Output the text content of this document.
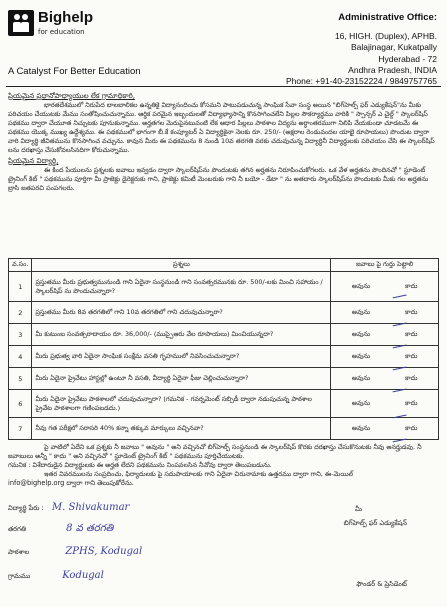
Bighelp
for education
A Catalyst For Better Education
Administrative Office:
16, HIGH. (Duplex), APHB.
Balajinagar, Kukatpally
Hyderabad - 72
Andhra Pradesh, INDIA
Phone: +91-40-23152224 / 9849757765

ప్రియమైన ప్రధానోపాధ్యాయుల లేక గ్రామాధికారి,

భారతదేశములో నిరుపేద బాలబాలికల ఉన్నతికై విద్యానందించు కోసమని పాటుపడుచున్న సాంఘిక సేవా సంస్థ అయిన "బిగ్‌హెల్ప్ ఫర్ ఎడ్యుకేషన్"ను మీకు పరిచయం చేయుటకు మేము సంతోషించుచున్నాము. ఆర్థిక పరమైన ఇబ్బందులతో విద్యాభ్యాసాన్ని కొనసాగించలేని పిల్లల సౌకర్యార్థము వారికి " స్పాన్సర్ ఎ చైల్డ్ " స్కాలర్‌షిప్ పథకము ద్వారా చేయూత నిచ్చుటకు పూనుకున్నాము. అర్హతగల మెరుపైనటువంటి లేక ఆధార పిల్లలు పాఠశాల విద్యను అర్ధాంతరముగా నిలిపి వేయకుండా చూడటమే ఈ పథకము యొక్క ముఖ్య ఉద్దేశ్యము. ఈ పథకములో భాగంగా బీ.కే కంప్యూటర్ ఏ విద్యార్ధికైనా నెలకు రూ. 250/- (అక్షరాల రెండువందల యాభై రూపాయలు) పొందుట ద్వారా వారి విద్యార్థి జీవితమును కొనసాగించ వచ్చును. కావున మీరు ఈ పథకమును 8 నుండి 10వ తరగతి వరకు చదువుచున్న విద్యార్ధినీ విద్యార్థులకు పరిచయం చేసి ఈ స్కాలర్‌షిప్ లను దరఖాస్తు చేసుకోవలసినదిగా కోరుచున్నాము.

ప్రియమైన విద్యార్థి,

ఈ కింద పేయులను ప్రశ్నలకు జవాబు ఇవ్వడం ద్వారా స్కాలర్‌షిప్‌ను పొందుటకు తగిన అర్హతను నిరూపించుకోగలరు. ఒక వేళ అర్హతను పొందినచో " స్టూడెంట్ ట్రైనింగ్ కిట్ " పథకమును పూర్తిగా మీ ప్రాజెక్టు డైరెక్టరుకు గాని, ప్రాజెక్టు కమిటీ మెంబరుకు గాని నీ బయో - డేటా " ను అతదారు స్కాలర్‌షిప్‌ను పొందుటకు మీకు గల అర్హతను బ్రాసి జతపరచి పంపగలరు.

వ.సం.	ప్రశ్నలు	జవాబు పై గుర్తు పెట్టాలి
1	ప్రస్తుతము మీరు ప్రభుత్వమునుండి గాని ఏదైనా సంస్థనుండి గాని సంవత్సరమునకు రూ. 500/-లకు మించి సహాయం / స్కాలర్‌షిప్ ను పొందుచున్నారా?	అవును కాదు

2	ప్రస్తుతము మీరు 8వ తరగతిలో గాని 10వ తరగతిలో గాని చదువుచున్నారా?	అవును కాదు

3	మీ కుటుంబ సంవత్సరాదాయం రూ. 36,000/- (ముప్పైఆరు వేల రూపాయలు) మించియున్నదా?	అవును కాదు

4	మీరు ప్రభుత్వ వారి ఏదైనా సాంఘిక సంక్షేమ వసతి గృహములో నివసించుచున్నారా?	అవును కాదు

5	మీరు ఏదైనా ప్రైవేటు హాస్టల్లో ఉంటూ నీ వసతి, వీద్యార్థి ఏదైనా ఫీజు చెల్లించుచున్నారా?	అవును కాదు

6	మీరు ఏదైనా ప్రైవేటు పాఠశాలలో చదువుచున్నారా? (గమనిక - గవర్నమెంట్ సబ్సిడీ ద్వారా నడుపుచున్న పాఠశాల ప్రైవేట పాఠశాలగా గణింపబడదు.)	అవును కాదు

7	నీవు గత పరీక్షలో సరాసరి 40% కన్నా తక్కువ మార్కులు వచ్చినవా?	అవును కాదు

పై వాటిలో ఏదేని ఒక ప్రశ్నకు నీ జవాబు " అవును " అని వచ్చినచో బిగ్‌హెల్ప్ సంస్థనుండి ఈ స్కాలర్‌షిప్ కొరకు దరఖాస్తు చేసుకొనుటకు నీవు అనర్హుడవు. నీ జవాబులు అన్నీ " కాదు " అని వచ్చినచో " స్టూడెంట్ ట్రైనింగ్ కిట్ " పథకమును పూర్తిచేయుటకు.

గమనిక : విశేదారుడైన విద్యార్థులకు ఈ అర్హత లేదని పథకమును నింపవలసిన నీవోవు ద్వారా తెలుపబడును.

ఇతర వివరములను సంప్రదించు, ఫిర్యాదులకు పై సదుపాయాలకు గాని ఏదైనా చిరునామాకు ఉత్తరము ద్వారా గాని, ఈ-మెయిల్

info@bighelp.org ద్వారా గాని తెలుపుకోరేను.
విద్యార్థి పేరు : M. Shivakumar
తరగతి	8 వ తరగతి
పాఠశాల	ZPHS, Kodugal
గ్రామము	Kodugal
మీ
బిగ్‌హెల్ప్ ఫర్ ఎడ్యుకేషన్
ఫౌండర్ & ప్రెసిడెంట్
